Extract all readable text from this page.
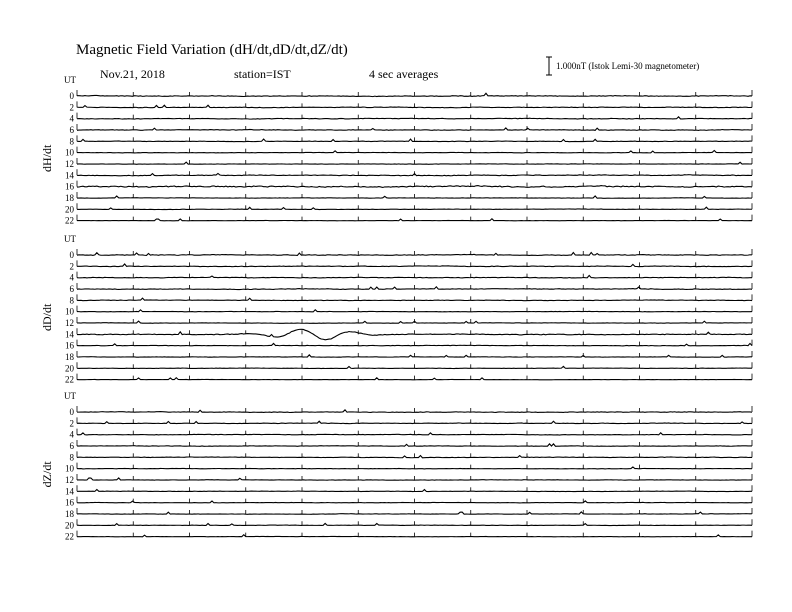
Magnetic Field Variation (dH/dt,dD/dt,dZ/dt)
Nov.21, 2018	station=IST	4 sec averages
1.000nT (Istok Lemi-30 magnetometer)
UT
dH/dt
0
2
4
6
8
10
12
14
16
18
20
22
UT
dD/dt
0
2
4
6
8
10
12
14
16
18
20
22
UT
dZ/dt
0
2
4
6
8
10
12
14
16
18
20
22
